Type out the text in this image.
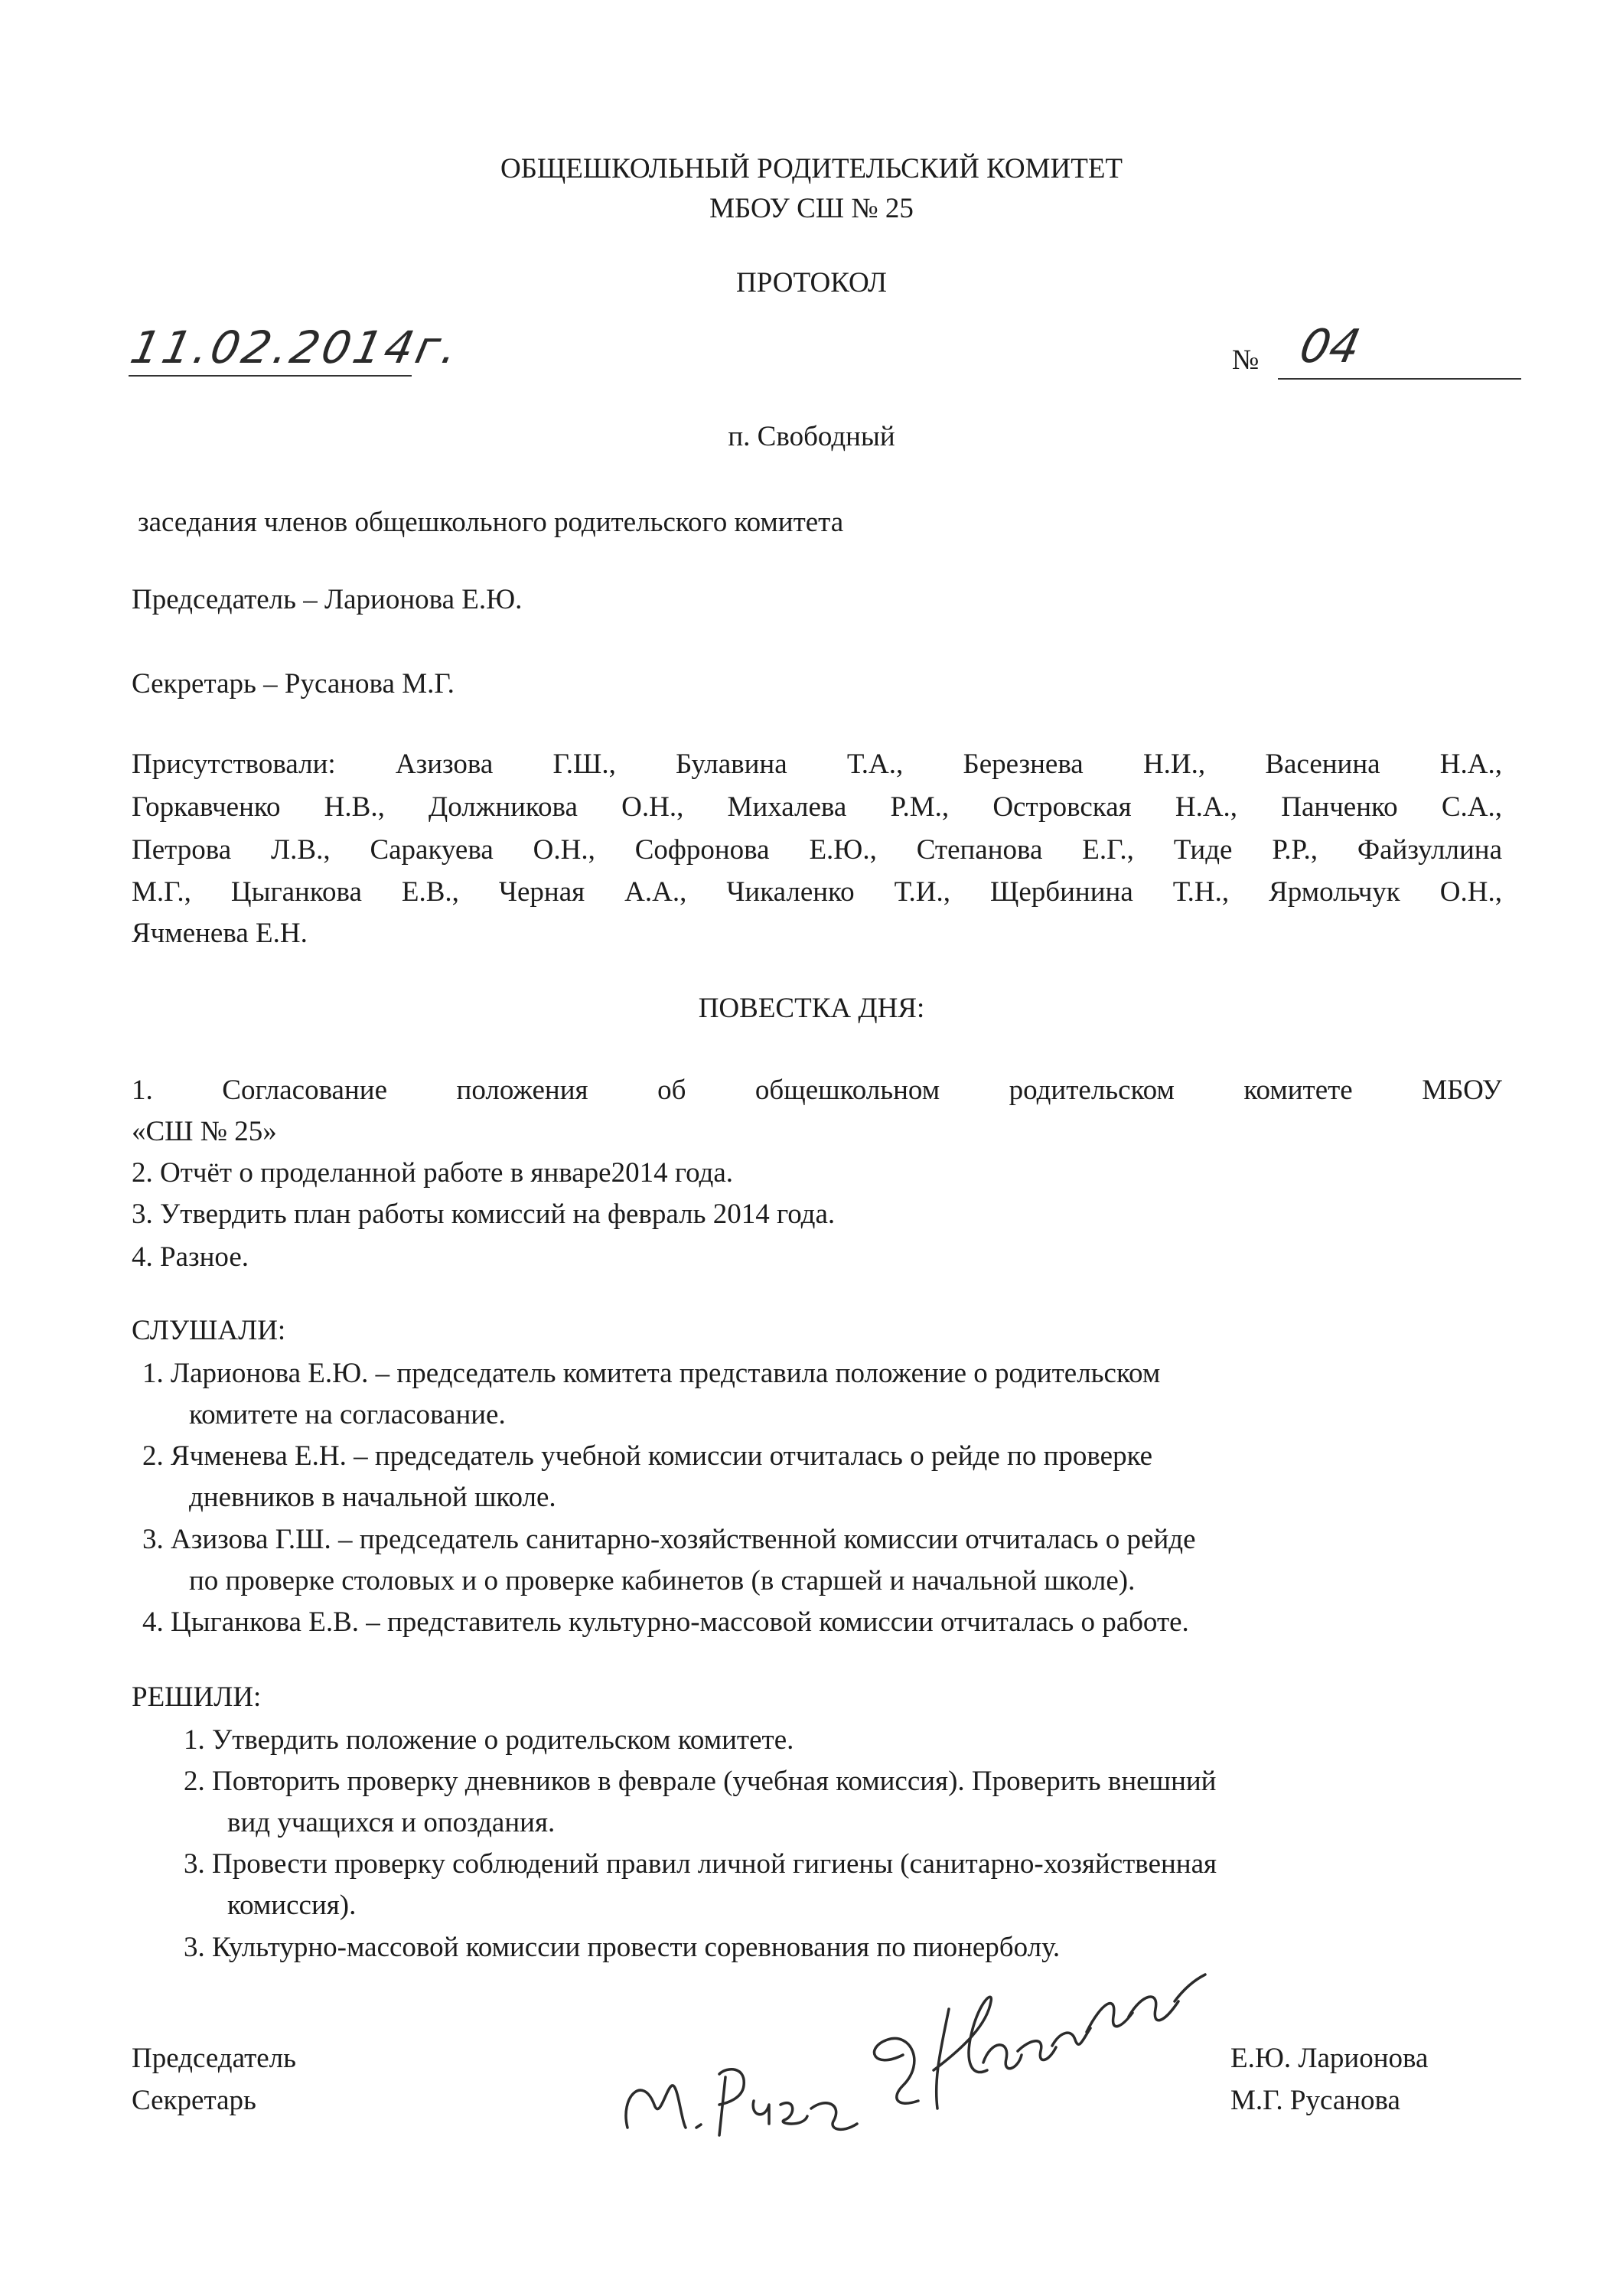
ОБЩЕШКОЛЬНЫЙ РОДИТЕЛЬСКИЙ КОМИТЕТ
МБОУ СШ № 25
ПРОТОКОЛ
11.02.2014г.	№ 04
п. Свободный
заседания членов общешкольного родительского комитета
Председатель – Ларионова Е.Ю.
Секретарь – Русанова М.Г.
Присутствовали: Азизова Г.Ш., Булавина Т.А., Березнева Н.И., Васенина Н.А.,
Горкавченко Н.В., Должникова О.Н., Михалева Р.М., Островская Н.А., Панченко С.А.,
Петрова Л.В., Саракуева О.Н., Софронова Е.Ю., Степанова Е.Г., Тиде Р.Р., Файзуллина
М.Г., Цыганкова Е.В., Черная А.А., Чикаленко Т.И., Щербинина Т.Н., Ярмольчук О.Н.,
Ячменева Е.Н.
ПОВЕСТКА ДНЯ:
1. Согласование положения об общешкольном родительском комитете МБОУ
«СШ № 25»
2. Отчёт о проделанной работе в январе2014 года.
3. Утвердить план работы комиссий на февраль 2014 года.
4. Разное.
СЛУШАЛИ:
1. Ларионова Е.Ю. – председатель комитета представила положение о родительском
комитете на согласование.
2. Ячменева Е.Н. – председатель учебной комиссии отчиталась о рейде по проверке
дневников в начальной школе.
3. Азизова Г.Ш. – председатель санитарно-хозяйственной комиссии отчиталась о рейде
по проверке столовых и о проверке кабинетов (в старшей и начальной школе).
4. Цыганкова Е.В. – представитель культурно-массовой комиссии отчиталась о работе.
РЕШИЛИ:
1. Утвердить положение о родительском комитете.
2. Повторить проверку дневников в феврале (учебная комиссия). Проверить внешний
вид учащихся и опоздания.
3. Провести проверку соблюдений правил личной гигиены (санитарно-хозяйственная
комиссия).
3. Культурно-массовой комиссии провести соревнования по пионерболу.
Председатель
Секретарь
Е.Ю. Ларионова
М.Г. Русанова
